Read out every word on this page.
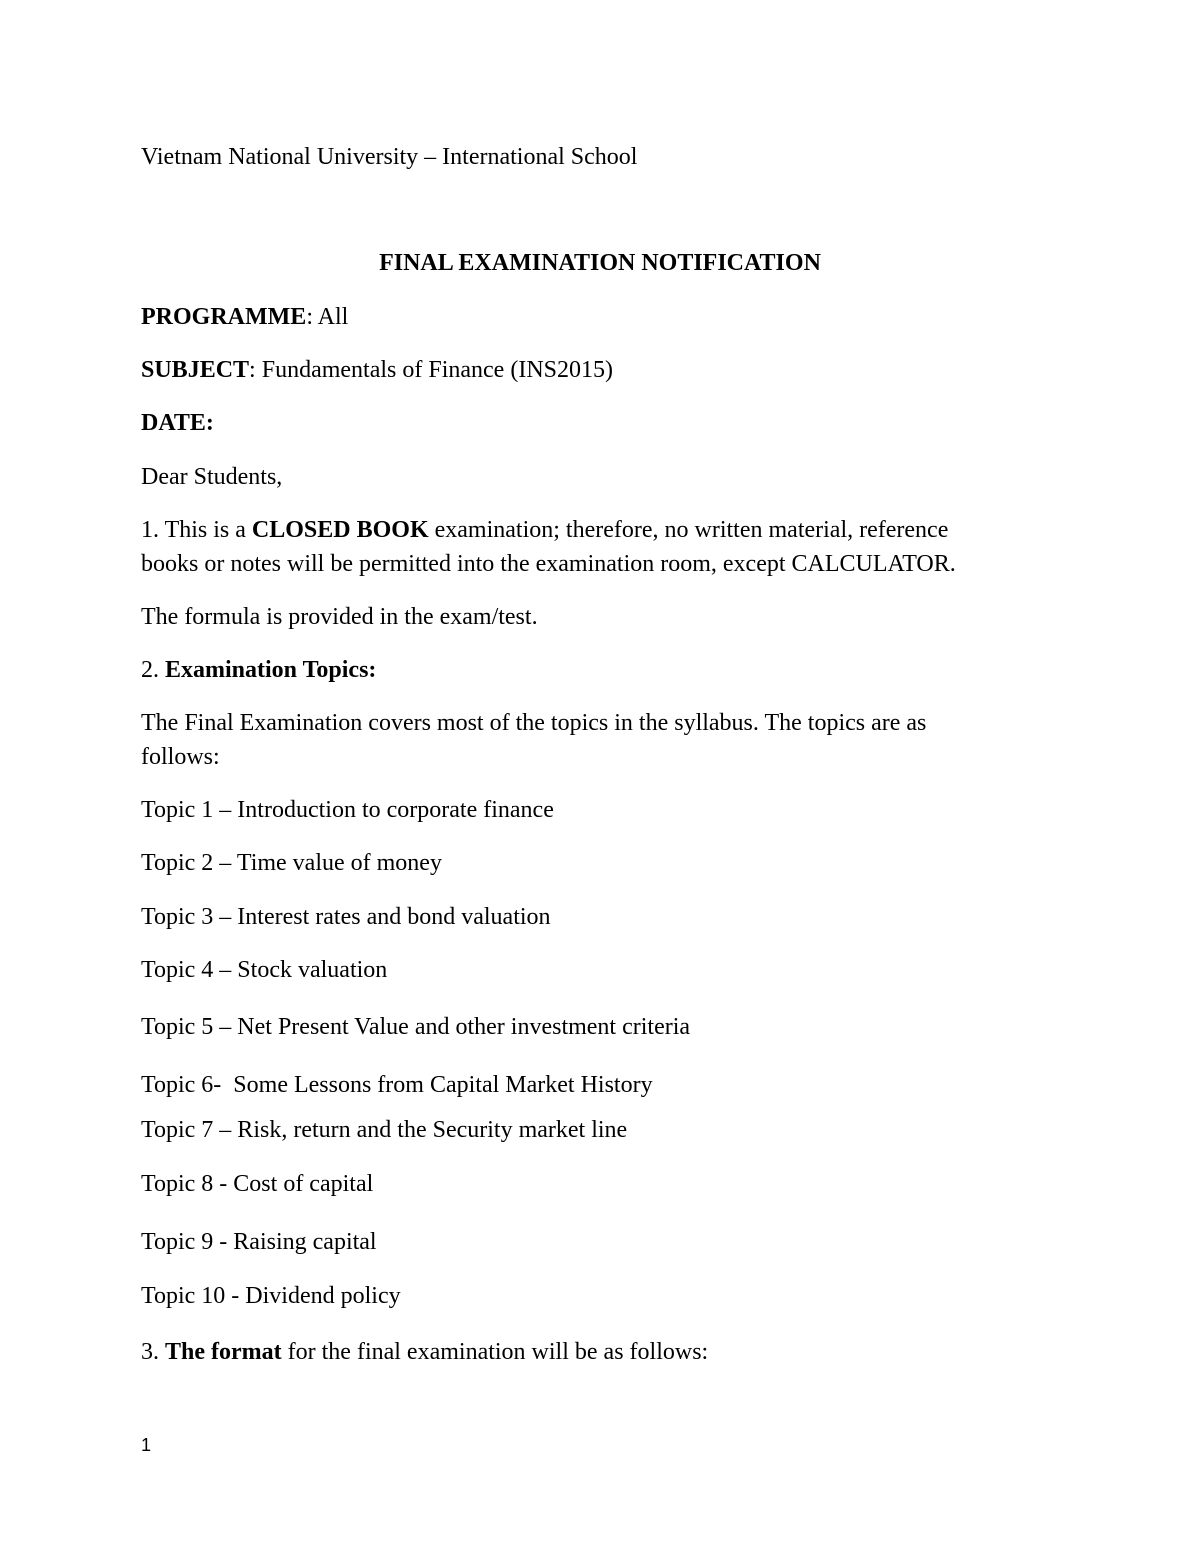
Vietnam National University – International School
FINAL EXAMINATION NOTIFICATION
PROGRAMME: All
SUBJECT: Fundamentals of Finance (INS2015)
DATE:
Dear Students,
1. This is a CLOSED BOOK examination; therefore, no written material, reference
books or notes will be permitted into the examination room, except CALCULATOR.
The formula is provided in the exam/test.
2. Examination Topics:
The Final Examination covers most of the topics in the syllabus. The topics are as
follows:
Topic 1 – Introduction to corporate finance
Topic 2 – Time value of money
Topic 3 – Interest rates and bond valuation
Topic 4 – Stock valuation
Topic 5 – Net Present Value and other investment criteria
Topic 6-  Some Lessons from Capital Market History
Topic 7 – Risk, return and the Security market line
Topic 8 - Cost of capital
Topic 9 - Raising capital
Topic 10 - Dividend policy
3. The format for the final examination will be as follows:
1
